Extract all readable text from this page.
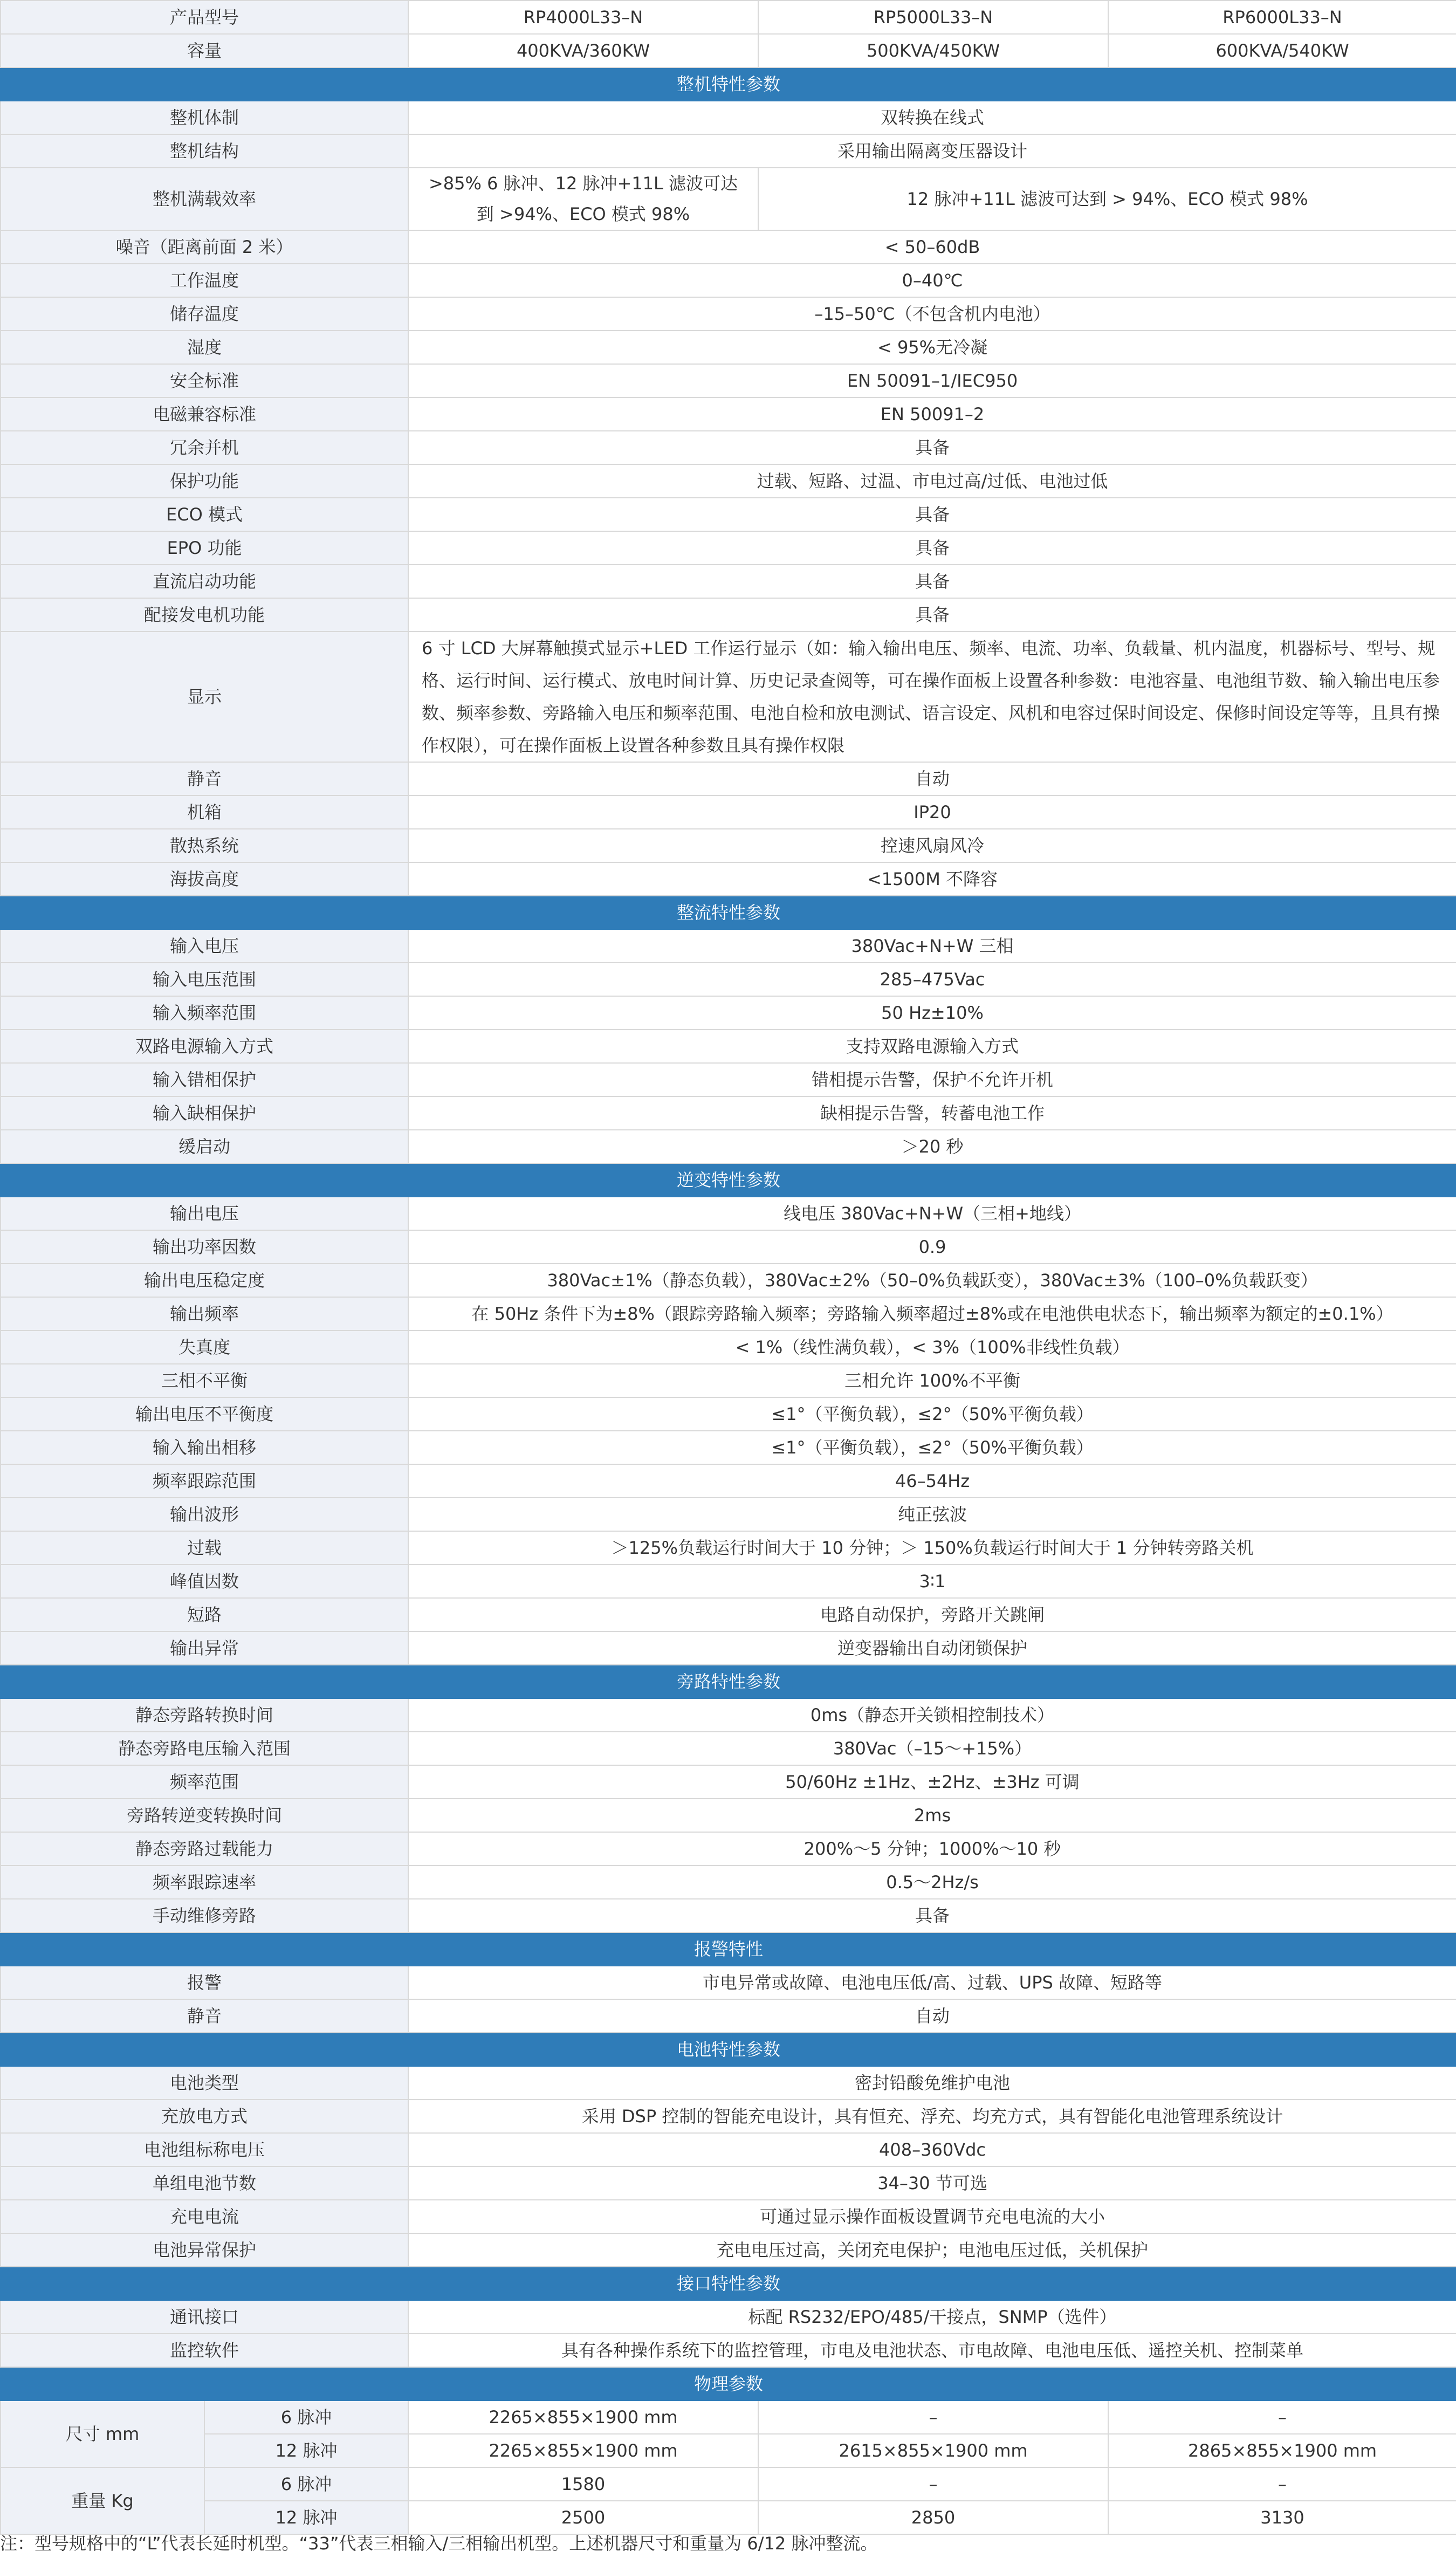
产品型号		RP4000L33–N	RP5000L33–N	RP6000L33–N
容量		400KVA/360KW	500KVA/450KW	600KVA/540KW
整机特性参数				
整机体制		双转换在线式		
整机结构		采用输出隔离变压器设计		
整机满载效率		>85% 6 脉冲、12 脉冲+11L 滤波可达到 >94%、ECO 模式 98%	12 脉冲+11L 滤波可达到 > 94%、ECO 模式 98%	
噪音（距离前面 2 米）		< 50–60dB		
工作温度		0–40℃		
储存温度		–15–50℃（不包含机内电池）		
湿度		< 95%无冷凝		
安全标准		EN 50091–1/IEC950		
电磁兼容标准		EN 50091–2		
冗余并机		具备		
保护功能		过载、短路、过温、市电过高/过低、电池过低		
ECO 模式		具备		
EPO 功能		具备		
直流启动功能		具备		
配接发电机功能		具备		
显示		6 寸 LCD 大屏幕触摸式显示+LED 工作运行显示（如：输入输出电压、频率、电流、功率、负载量、机内温度，机器标号、型号、规格、运行时间、运行模式、放电时间计算、历史记录查阅等，可在操作面板上设置各种参数：电池容量、电池组节数、输入输出电压参数、频率参数、旁路输入电压和频率范围、电池自检和放电测试、语言设定、风机和电容过保时间设定、保修时间设定等等，且具有操作权限），可在操作面板上设置各种参数且具有操作权限		
静音		自动		
机箱		IP20		
散热系统		控速风扇风冷		
海拔高度		<1500M 不降容		
整流特性参数				
输入电压		380Vac+N+W 三相		
输入电压范围		285–475Vac		
输入频率范围		50 Hz±10%		
双路电源输入方式		支持双路电源输入方式		
输入错相保护		错相提示告警，保护不允许开机		
输入缺相保护		缺相提示告警，转蓄电池工作		
缓启动		＞20 秒		
逆变特性参数				
输出电压		线电压 380Vac+N+W（三相+地线）		
输出功率因数		0.9		
输出电压稳定度		380Vac±1%（静态负载），380Vac±2%（50–0%负载跃变），380Vac±3%（100–0%负载跃变）		
输出频率		在 50Hz 条件下为±8%（跟踪旁路输入频率；旁路输入频率超过±8%或在电池供电状态下，输出频率为额定的±0.1%）		
失真度		< 1%（线性满负载），< 3%（100%非线性负载）		
三相不平衡		三相允许 100%不平衡		
输出电压不平衡度		≤1°（平衡负载），≤2°（50%平衡负载）		
输入输出相移		≤1°（平衡负载），≤2°（50%平衡负载）		
频率跟踪范围		46–54Hz		
输出波形		纯正弦波		
过载		＞125%负载运行时间大于 10 分钟；＞ 150%负载运行时间大于 1 分钟转旁路关机		
峰值因数		3∶1		
短路		电路自动保护，旁路开关跳闸		
输出异常		逆变器输出自动闭锁保护		
旁路特性参数				
静态旁路转换时间		0ms（静态开关锁相控制技术）		
静态旁路电压输入范围		380Vac（–15～+15%）		
频率范围		50/60Hz ±1Hz、±2Hz、±3Hz 可调		
旁路转逆变转换时间		2ms		
静态旁路过载能力		200%～5 分钟；1000%～10 秒		
频率跟踪速率		0.5～2Hz/s		
手动维修旁路		具备		
报警特性				
报警		市电异常或故障、电池电压低/高、过载、UPS 故障、短路等		
静音		自动		
电池特性参数				
电池类型		密封铅酸免维护电池		
充放电方式		采用 DSP 控制的智能充电设计，具有恒充、浮充、均充方式，具有智能化电池管理系统设计		
电池组标称电压		408–360Vdc		
单组电池节数		34–30 节可选		
充电电流		可通过显示操作面板设置调节充电电流的大小		
电池异常保护		充电电压过高，关闭充电保护；电池电压过低，关机保护		
接口特性参数				
通讯接口		标配 RS232/EPO/485/干接点，SNMP（选件）		
监控软件		具有各种操作系统下的监控管理，市电及电池状态、市电故障、电池电压低、遥控关机、控制菜单		
物理参数				
尺寸 mm	6 脉冲	2265×855×1900 mm	–	–
	12 脉冲	2265×855×1900 mm	2615×855×1900 mm	2865×855×1900 mm
重量 Kg	6 脉冲	1580	–	–
	12 脉冲	2500	2850	3130
注：型号规格中的“L”代表长延时机型。“33”代表三相输入/三相输出机型。上述机器尺寸和重量为 6/12 脉冲整流。
